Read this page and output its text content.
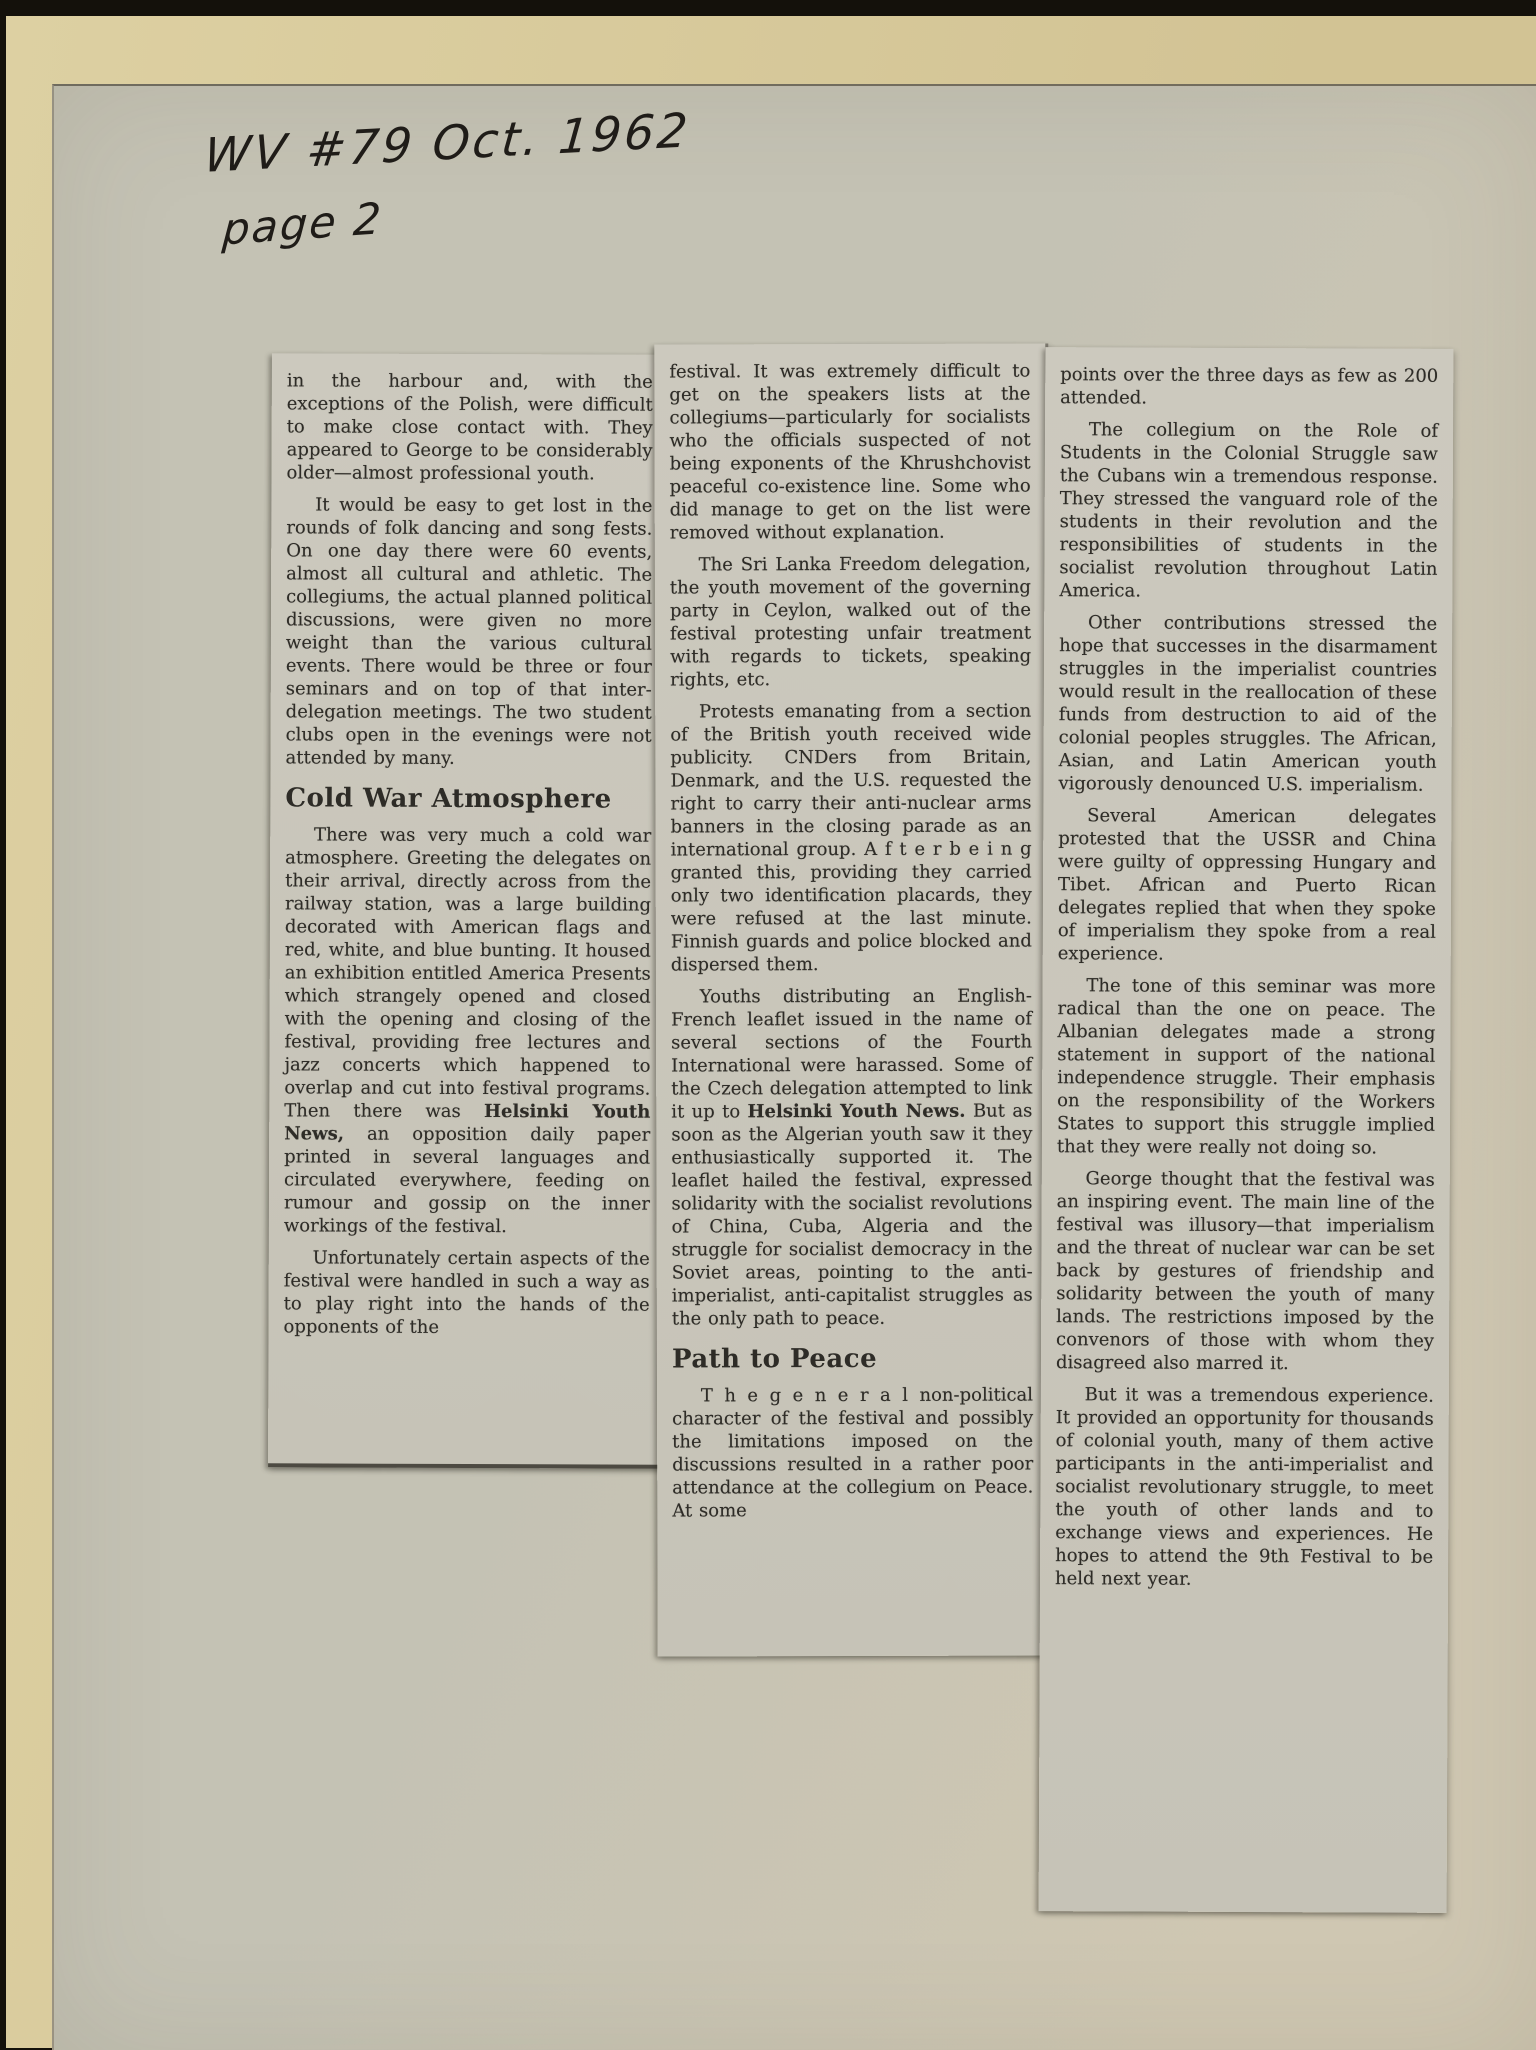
WV #79 Oct. 1962
page 2

in the harbour and, with the exceptions of the Polish, were difficult to make close contact with. They appeared to George to be considerably older—almost professional youth.

It would be easy to get lost in the rounds of folk dancing and song fests. On one day there were 60 events, almost all cultural and athletic. The collegiums, the actual planned political discussions, were given no more weight than the various cultural events. There would be three or four seminars and on top of that inter-delegation meetings. The two student clubs open in the evenings were not attended by many.

Cold War Atmosphere

There was very much a cold war atmosphere. Greeting the delegates on their arrival, directly across from the railway station, was a large building decorated with American flags and red, white, and blue bunting. It housed an exhibition entitled America Presents which strangely opened and closed with the opening and closing of the festival, providing free lectures and jazz concerts which happened to overlap and cut into festival programs. Then there was Helsinki Youth News, an opposition daily paper printed in several languages and circulated everywhere, feeding on rumour and gossip on the inner workings of the festival.

Unfortunately certain aspects of the festival were handled in such a way as to play right into the hands of the opponents of the

festival. It was extremely difficult to get on the speakers lists at the collegiums—particularly for socialists who the officials suspected of not being exponents of the Khrushchovist peaceful co-existence line. Some who did manage to get on the list were removed without explanation.

The Sri Lanka Freedom delegation, the youth movement of the governing party in Ceylon, walked out of the festival protesting unfair treatment with regards to tickets, speaking rights, etc.

Protests emanating from a section of the British youth received wide publicity. CNDers from Britain, Denmark, and the U.S. requested the right to carry their anti-nuclear arms banners in the closing parade as an international group. A f t e r b e i n g granted this, providing they carried only two identification placards, they were refused at the last minute. Finnish guards and police blocked and dispersed them.

Youths distributing an English-French leaflet issued in the name of several sections of the Fourth International were harassed. Some of the Czech delegation attempted to link it up to Helsinki Youth News. But as soon as the Algerian youth saw it they enthusiastically supported it. The leaflet hailed the festival, expressed solidarity with the socialist revolutions of China, Cuba, Algeria and the struggle for socialist democracy in the Soviet areas, pointing to the anti-imperialist, anti-capitalist struggles as the only path to peace.

Path to Peace

T h e g e n e r a l non-political character of the festival and possibly the limitations imposed on the discussions resulted in a rather poor attendance at the collegium on Peace. At some

points over the three days as few as 200 attended.

The collegium on the Role of Students in the Colonial Struggle saw the Cubans win a tremendous response. They stressed the vanguard role of the students in their revolution and the responsibilities of students in the socialist revolution throughout Latin America.

Other contributions stressed the hope that successes in the disarmament struggles in the imperialist countries would result in the reallocation of these funds from destruction to aid of the colonial peoples struggles. The African, Asian, and Latin American youth vigorously denounced U.S. imperialism.

Several American delegates protested that the USSR and China were guilty of oppressing Hungary and Tibet. African and Puerto Rican delegates replied that when they spoke of imperialism they spoke from a real experience.

The tone of this seminar was more radical than the one on peace. The Albanian delegates made a strong statement in support of the national independence struggle. Their emphasis on the responsibility of the Workers States to support this struggle implied that they were really not doing so.

George thought that the festival was an inspiring event. The main line of the festival was illusory—that imperialism and the threat of nuclear war can be set back by gestures of friendship and solidarity between the youth of many lands. The restrictions imposed by the convenors of those with whom they disagreed also marred it.

But it was a tremendous experience. It provided an opportunity for thousands of colonial youth, many of them active participants in the anti-imperialist and socialist revolutionary struggle, to meet the youth of other lands and to exchange views and experiences. He hopes to attend the 9th Festival to be held next year.
